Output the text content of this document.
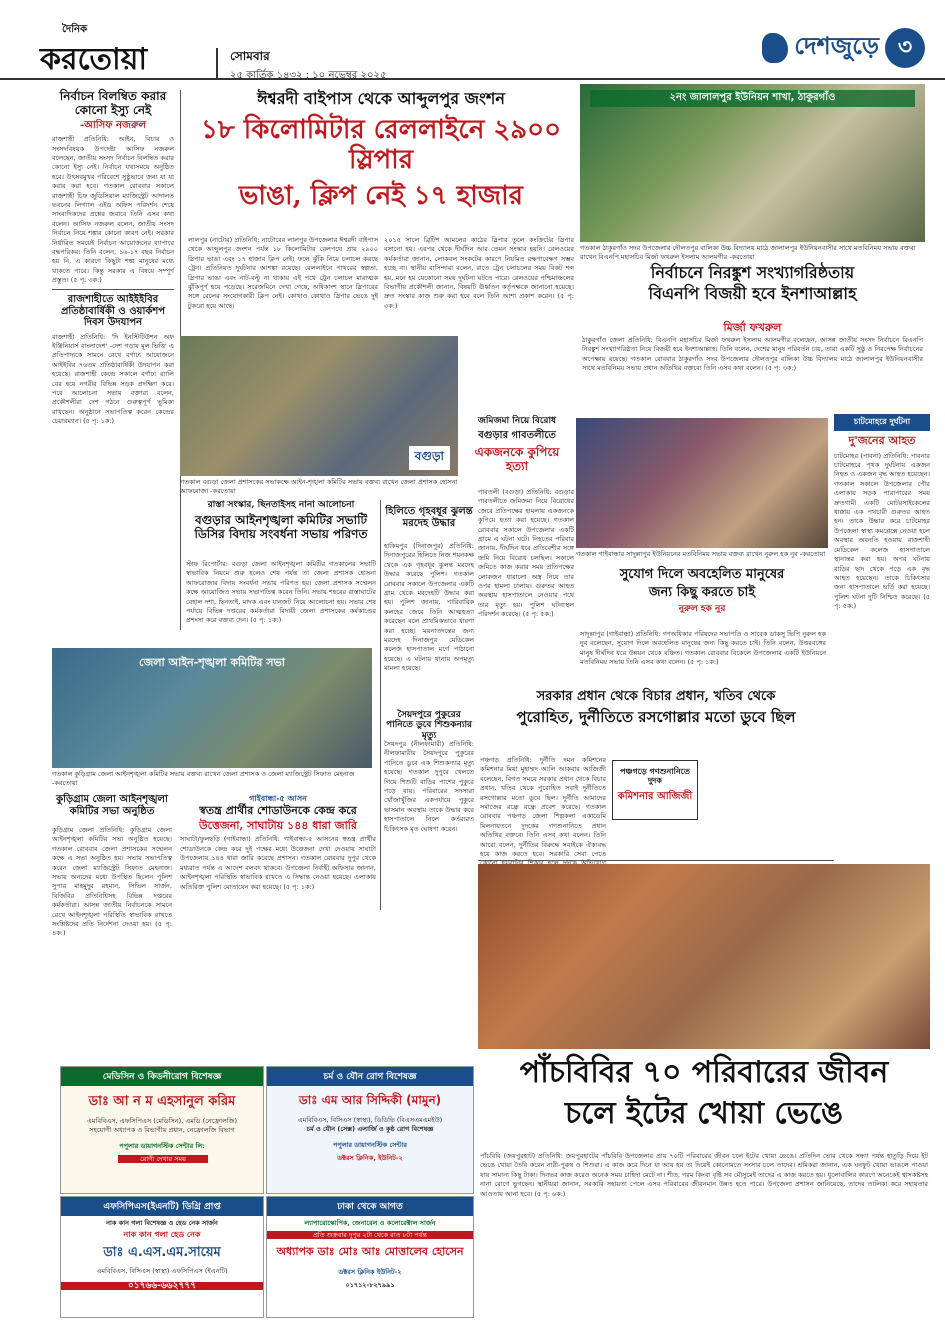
দৈনিক
করতোয়া	সোমবার
২৫ কার্তিক ১৪৩২ : ১০ নভেম্বর ২০২৫
দেশজুড়ে ৩
নির্বাচন বিলম্বিত করার কোনো ইস্যু নেই
-আসিফ নজরুল
রাজশাহী প্রতিনিধি: আইন, বিচার ও সংসদবিষয়ক উপদেষ্টা আসিফ নজরুল বলেছেন, জাতীয় সংসদ নির্বাচন বিলম্বিত করার কোনো ইস্যু নেই। নির্বাচন যথাসময়ে অনুষ্ঠিত হবে। উৎসবমুখর পরিবেশে সুষ্ঠুভাবে জন্য যা যা করার করা হবে। গতকাল রোববার সকালে রাজশাহী চিফ জুডিসিয়াল ম্যাজিস্ট্রেট আদালত ভবনের লিগ্যাল এইড অফিস পরিদর্শন শেষে সাংবাদিকদের প্রশ্নের জবাবে তিনি এসব কথা বলেন। আসিফ নজরুল বলেন, জাতীয় সংসদ নির্বাচন নিয়ে শঙ্কার কোনো কারণ নেই। সরকার নির্ধারিত সময়েই নির্বাচন আয়োজনের ব্যাপারে বদ্ধপরিকর। তিনি বলেন, ১৬-১৭ বছর নির্বাচন হয় নি, এ কারণে কিছুটা শঙ্কা মানুষের মধ্যে থাকতে পারে। কিন্তু সরকার এ বিষয়ে সম্পূর্ণ প্রস্তুত। (৫ পৃ: ৩ক:)
রাজশাহীতে আইইইবির প্রতিষ্ঠাবার্ষিকী ও ওয়ার্কশপ দিবস উদযাপন
রাজশাহী প্রতিনিধি: 'দি ইনস্টিটিউশন অফ ইঞ্জিনিয়ার্স বাংলাদেশ' -দেশ গড়ায় মূল ভিত্তি' এ প্রতিপাদ্যকে সামনে রেখে বর্ণাঢ্য আয়োজনে আইইবির ৭৬তম প্রতিষ্ঠাবার্ষিকী উদযাপন করা হয়েছে। রাজশাহী কেন্দ্রে সকালে বর্ণাঢ্য র‍্যালি বের হয়ে নগরীর বিভিন্ন সড়ক প্রদক্ষিণ করে। পরে আলোচনা সভায় বক্তারা বলেন, প্রকৌশলীরা দেশ গঠনে গুরুত্বপূর্ণ ভূমিকা রাখছেন। অনুষ্ঠানে সভাপতিত্ব করেন কেন্দ্রের চেয়ারম্যান। (৫ পৃ: ১ক:)
ঈশ্বরদী বাইপাস থেকে আব্দুলপুর জংশন
১৮ কিলোমিটার রেললাইনে ২৯০০ স্লিপার
ভাঙা, ক্লিপ নেই ১৭ হাজার
লালপুর (নাটোর) প্রতিনিধি: নাটোরের লালপুর উপজেলার ঈশ্বরদী বাইপাস থেকে আব্দুলপুর জংশন পর্যন্ত ১৮ কিলোমিটার রেলপথে প্রায় ২৯০০ স্লিপার ভাঙা এবং ১৭ হাজার ক্লিপ নেই। ফলে ঝুঁকি নিয়ে চলাচল করছে ট্রেন। প্রতিনিয়ত দুর্ঘটনার আশঙ্কা রয়েছে। রেললাইনে পাথরের স্বল্পতা, স্লিপার ভাঙা এবং নাট-বল্টু না থাকায় এই পথে ট্রেন চলাচল মারাত্মক ঝুঁকিপূর্ণ হয়ে পড়েছে। সরেজমিনে দেখা গেছে, অধিকাংশ স্থানে স্লিপারের সঙ্গে রেলের সংযোগকারী ক্লিপ নেই। কোথাও কোথাও স্লিপার ভেঙে দুই টুকরো হয়ে আছে।
২০১৫ সালে ব্রিটিশ আমলের কাঠের স্লিপার তুলে কংক্রিটের স্লিপার বসানো হয়। এরপর থেকে দীর্ঘদিন আর তেমন সংস্কার হয়নি। রেলওয়ের কর্মকর্তারা জানান, লোকবল সংকটের কারণে নিয়মিত রক্ষণাবেক্ষণ সম্ভব হচ্ছে না। স্থানীয় বাসিন্দারা বলেন, রাতে ট্রেন চলাচলের সময় বিকট শব্দ হয়, মনে হয় যেকোনো সময় দুর্ঘটনা ঘটতে পারে। রেলওয়ের পশ্চিমাঞ্চলের বিভাগীয় প্রকৌশলী জানান, বিষয়টি ঊর্ধ্বতন কর্তৃপক্ষকে জানানো হয়েছে। দ্রুত সংস্কার কাজ শুরু করা হবে বলে তিনি আশা প্রকাশ করেন। (৫ পৃ: ৩ক:)
বগুড়া
গতকাল বগুড়া জেলা প্রশাসকের সভাকক্ষে আইন-শৃঙ্খলা কমিটির সভায় বক্তব্য রাখেন জেলা প্রশাসক হোসনা আফরোজা -করতোয়া
রাস্তা সংস্কার, ছিনতাইসহ নানা আলোচনা
বগুড়ার আইনশৃঙ্খলা কমিটির সভাটি ডিসির বিদায় সংবর্ধনা সভায় পরিণত
স্টাফ রিপোর্টার: বগুড়া জেলা আইনশৃঙ্খলা কমিটির গতকালের সভাটি স্বাভাবিক নিয়মে শুরু হলেও শেষ পর্যন্ত তা জেলা প্রশাসক হোসনা আফরোজার বিদায় সংবর্ধনা সভায় পরিণত হয়। জেলা প্রশাসক সম্মেলন কক্ষে আয়োজিত সভায় সভাপতিত্ব করেন তিনি। সভায় শহরের রাস্তাঘাটের বেহাল দশা, ছিনতাই, মাদক এবং যানজট নিয়ে আলোচনা হয়। সভার শেষ পর্যায়ে বিভিন্ন দপ্তরের কর্মকর্তারা বিদায়ী জেলা প্রশাসকের কর্মকাণ্ডের প্রশংসা করে বক্তব্য দেন। (৫ পৃ: ১ক:)
হিলিতে গৃহবধূর ঝুলন্ত মরদেহ উদ্ধার
হাকিমপুর (দিনাজপুর) প্রতিনিধি: দিনাজপুরের হিলিতে নিজ শয়নকক্ষ থেকে এক গৃহবধূর ঝুলন্ত মরদেহ উদ্ধার করেছে পুলিশ। গতকাল রোববার সকালে উপজেলার একটি গ্রাম থেকে মরদেহটি উদ্ধার করা হয়। পুলিশ জানায়, পারিবারিক কলহের জেরে তিনি আত্মহত্যা করেছেন বলে প্রাথমিকভাবে ধারণা করা হচ্ছে। ময়নাতদন্তের জন্য মরদেহ দিনাজপুর মেডিকেল কলেজ হাসপাতাল মর্গে পাঠানো হয়েছে। এ ঘটনায় থানায় অপমৃত্যু মামলা হয়েছে।
সৈয়দপুরে পুকুরের পানিতে ডুবে শিশুকন্যার মৃত্যু
সৈয়দপুর (নীলফামারী) প্রতিনিধি: নীলফামারীর সৈয়দপুরে পুকুরের পানিতে ডুবে এক শিশুকন্যার মৃত্যু হয়েছে। গতকাল দুপুরে খেলতে গিয়ে শিশুটি বাড়ির পাশের পুকুরে পড়ে যায়। পরিবারের সদস্যরা খোঁজাখুঁজির একপর্যায়ে পুকুরে ভাসমান অবস্থায় তাকে উদ্ধার করে হাসপাতালে নিলে কর্তব্যরত চিকিৎসক মৃত ঘোষণা করেন।
জেলা আইন-শৃঙ্খলা কমিটির সভা
গতকাল কুড়িগ্রাম জেলা আইনশৃঙ্খলা কমিটির সভায় বক্তব্য রাখেন জেলা প্রশাসক ও জেলা ম্যাজিস্ট্রেট সিফাত মেহনাজ -করতোয়া
কুড়িগ্রাম জেলা আইনশৃঙ্খলা কমিটির সভা অনুষ্ঠিত
কুড়িগ্রাম জেলা প্রতিনিধি: কুড়িগ্রাম জেলা আইনশৃঙ্খলা কমিটির সভা অনুষ্ঠিত হয়েছে। গতকাল রোববার জেলা প্রশাসকের সম্মেলন কক্ষে এ সভা অনুষ্ঠিত হয়। সভায় সভাপতিত্ব করেন জেলা ম্যাজিস্ট্রেট সিফাত মেহনাজ। সভায় অন্যদের মধ্যে উপস্থিত ছিলেন পুলিশ সুপার মাহমুদুর রহমান, সিভিল সার্জন, বিজিবির প্রতিনিধিসহ বিভিন্ন দপ্তরের কর্মকর্তারা। আসন্ন জাতীয় নির্বাচনকে সামনে রেখে আইনশৃঙ্খলা পরিস্থিতি স্বাভাবিক রাখতে সংশ্লিষ্টদের প্রতি নির্দেশনা দেওয়া হয়। (৫ পৃ: ৪ক:)
গাইবান্ধা-৫ আসন
স্বতন্ত্র প্রার্থীর শোডাউনকে কেন্দ্র করে
উত্তেজনা, সাঘাটায় ১৪৪ ধারা জারি
সাঘাটা/ফুলছড়ি (গাইবান্ধা) প্রতিনিধি: গাইবান্ধা-৫ আসনের স্বতন্ত্র প্রার্থীর শোডাউনকে কেন্দ্র করে দুই পক্ষের মধ্যে উত্তেজনা দেখা দেওয়ায় সাঘাটা উপজেলায় ১৪৪ ধারা জারি করেছে প্রশাসন। গতকাল রোববার দুপুর থেকে মধ্যরাত পর্যন্ত এ আদেশ বলবৎ থাকবে। উপজেলা নির্বাহী অফিসার জানান, আইনশৃঙ্খলা পরিস্থিতি স্বাভাবিক রাখতে এ সিদ্ধান্ত নেওয়া হয়েছে। এলাকায় অতিরিক্ত পুলিশ মোতায়েন করা হয়েছে। (৫ পৃ: ১ক:)
২নং জালালপুর ইউনিয়ন শাখা, ঠাকুরগাঁও
গতকাল ঠাকুরগাঁও সদর উপজেলার দৌলতপুর বালিকা উচ্চ বিদ্যালয় মাঠে জালালপুর ইউনিয়নবাসীর সাথে মতবিনিময় সভায় বক্তব্য রাখেন বিএনপি মহাসচিব মির্জা ফখরুল ইসলাম আলমগীর -করতোয়া
নির্বাচনে নিরঙ্কুশ সংখ্যাগরিষ্ঠতায়
বিএনপি বিজয়ী হবে ইনশাআল্লাহ
মির্জা ফখরুল
ঠাকুরগাঁও জেলা প্রতিনিধি: বিএনপি মহাসচিব মির্জা ফখরুল ইসলাম আলমগীর বলেছেন, আসন্ন জাতীয় সংসদ নির্বাচনে বিএনপি নিরঙ্কুশ সংখ্যাগরিষ্ঠতা নিয়ে বিজয়ী হবে ইনশাআল্লাহ। তিনি বলেন, দেশের মানুষ পরিবর্তন চায়, তারা একটি সুষ্ঠু ও নিরপেক্ষ নির্বাচনের অপেক্ষায় রয়েছে। গতকাল রোববার ঠাকুরগাঁও সদর উপজেলার দৌলতপুর বালিকা উচ্চ বিদ্যালয় মাঠে জালালপুর ইউনিয়নবাসীর সাথে মতবিনিময় সভায় প্রধান অতিথির বক্তব্যে তিনি এসব কথা বলেন। (৫ পৃ: ৩ক:)
জমিজমা নিয়ে বিরোধ
বগুড়ার গাবতলীতে
একজনকে কুপিয়ে হত্যা
গাবতলী (বগুড়া) প্রতিনিধি: বগুড়ার গাবতলীতে জমিজমা নিয়ে বিরোধের জেরে প্রতিপক্ষের হামলায় একজনকে কুপিয়ে হত্যা করা হয়েছে। গতকাল রোববার সকালে উপজেলার একটি গ্রামে এ ঘটনা ঘটে। নিহতের পরিবার জানায়, দীর্ঘদিন ধরে প্রতিবেশীর সঙ্গে জমি নিয়ে বিরোধ চলছিল। সকালে জমিতে কাজ করার সময় প্রতিপক্ষের লোকজন ধারালো অস্ত্র নিয়ে তার ওপর হামলা চালায়। গুরুতর আহত অবস্থায় হাসপাতালে নেওয়ার পথে তার মৃত্যু হয়। পুলিশ ঘটনাস্থল পরিদর্শন করেছে। (৫ পৃ: ৫ক:)
গতকাল গাইবান্ধার সাদুল্লাপুর ইউনিয়নের মতবিনিময় সভায় বক্তব্য রাখেন নুরুল হক নুর -করতোয়া
সুযোগ দিলে অবহেলিত মানুষের
জন্য কিছু করতে চাই
নুরুল হক নুর
সাদুল্লাপুর (গাইবান্ধা) প্রতিনিধি: গণঅধিকার পরিষদের সভাপতি ও সাবেক ডাকসু ভিপি নুরুল হক নুর বলেছেন, সুযোগ দিলে অবহেলিত মানুষের জন্য কিছু করতে চাই। তিনি বলেন, উত্তরবঙ্গের মানুষ দীর্ঘদিন ধরে উন্নয়ন থেকে বঞ্চিত। গতকাল রোববার বিকেলে উপজেলার একটি ইউনিয়নে মতবিনিময় সভায় তিনি এসব কথা বলেন। (৫ পৃ: ১ক:)
চাটমোহরে দুর্ঘটনা
দু'জনের আহত
চাটমোহর (পাবনা) প্রতিনিধি: পাবনার চাটমোহরে পৃথক দুর্ঘটনায় একজন নিহত ও একজন বৃদ্ধ আহত হয়েছেন। গতকাল সকালে উপজেলার পৌর এলাকায় সড়ক পারাপারের সময় দ্রুতগামী একটি মোটরসাইকেলের ধাক্কায় এক পথচারী গুরুতর আহত হন। তাকে উদ্ধার করে চাটমোহর উপজেলা স্বাস্থ্য কমপ্লেক্সে নেওয়া হলে অবস্থার অবনতি হওয়ায় রাজশাহী মেডিকেল কলেজ হাসপাতালে স্থানান্তর করা হয়। অপর ঘটনায় বাড়ির ছাদ থেকে পড়ে এক বৃদ্ধ আহত হয়েছেন। তাকে চিকিৎসার জন্য হাসপাতালে ভর্তি করা হয়েছে। পুলিশ ঘটনা দুটি নিশ্চিত করেছে। (৫ পৃ: ৫ক:)
সরকার প্রধান থেকে বিচার প্রধান, খতিব থেকে
পুরোহিত, দুর্নীতিতে রসগোল্লার মতো ডুবে ছিল
পঞ্চগড় প্রতিনিধি: দুর্নীতি দমন কমিশনের কমিশনার মিয়া মুহাম্মদ আলি আকবার আজিজী বলেছেন, বিগত সময়ে সরকার প্রধান থেকে বিচার প্রধান, খতিব থেকে পুরোহিত সবাই দুর্নীতিতে রসগোল্লার মতো ডুবে ছিল। দুর্নীতি আমাদের সমাজের রন্ধ্রে রন্ধ্রে প্রবেশ করেছে। গতকাল রোববার পঞ্চগড় জেলা শিল্পকলা একাডেমি মিলনায়তনে দুদকের গণশুনানিতে প্রধান অতিথির বক্তব্যে তিনি এসব কথা বলেন। তিনি আরো বলেন, দুর্নীতির বিরুদ্ধে সবাইকে ঐক্যবদ্ধ হয়ে কাজ করতে হবে। সরকারি সেবা পেতে
পঞ্চগড়ে গণশুনানিতে দুদক
কমিশনার আজিজী
পাঁচবিবির ৭০ পরিবারের জীবন
চলে ইটের খোয়া ভেঙে
পাঁচবিবি (জয়পুরহাট) প্রতিনিধি: জয়পুরহাটের পাঁচবিবি উপজেলার প্রায় ৭০টি পরিবারের জীবন চলে ইটের খোয়া ভেঙে। প্রতিদিন ভোর থেকে সন্ধ্যা পর্যন্ত হাতুড়ি দিয়ে ইট ভেঙে খোয়া তৈরি করেন নারী-পুরুষ ও শিশুরা। এ কাজ করে দিনে যা আয় হয় তা দিয়েই কোনোমতে সংসার চলে তাদের। শ্রমিকরা জানান, এক ঘনফুট খোয়া ভাঙলে পাওয়া যায় সামান্য কিছু টাকা। দিনভর কাজ করেও অনেক সময় চাহিদা মেটে না। শীত, গরম কিংবা বৃষ্টি সব মৌসুমেই তাদের এ কাজ করতে হয়। ধুলোবালির কারণে অনেকেই শ্বাসকষ্টসহ নানা রোগে ভুগছেন। স্থানীয়রা জানান, সরকারি সহায়তা পেলে এসব পরিবারের জীবনমান উন্নত হতে পারে। উপজেলা প্রশাসন জানিয়েছে, তাদের তালিকা করে সহায়তার আওতায় আনা হবে। (৫ পৃ: ৬ক:)
মেডিসিন ও কিডনীরোগ বিশেষজ্ঞ
ডাঃ আ ন ম এহসানুল করিম
এমবিবিএস, এফসিপিএস (মেডিসিন), এমডি (নেফ্রোলজি)
সহযোগী অধ্যাপক ও বিভাগীয় প্রধান, নেফ্রোলজি বিভাগ
পপুলার ডায়াগনস্টিক সেন্টার লি:
রোগী দেখার সময়
চর্ম ও যৌন রোগ বিশেষজ্ঞ
ডাঃ এম আর সিদ্দিকী (মামুন)
এমবিবিএস, বিসিএস (স্বাস্থ্য), ডিডিভি (বিএসএমএমইউ)
চর্ম ও যৌন (সেক্স) এলার্জি ও কুষ্ঠ রোগ বিশেষজ্ঞ
পপুলার ডায়াগনস্টিক সেন্টার
ডক্টরস ক্লিনিক, ইউনিট-২
এফসিপিএস(ইএনটি) ডিগ্রি প্রাপ্ত
নাক কান গলা বিশেষজ্ঞ ও হেড নেক সার্জন
নাক কান গলা হেড নেক
ডাঃ এ.এস.এম.সায়েম
এমবিবিএস, বিসিএস (স্বাস্থ্য) এফসিপিএস (ইএনটি)
০১৭৬৬-৬৬২৭৭৭
ঢাকা থেকে আগত
ল্যাপারোস্কোপিক, জেনারেল ও কলোরেক্টাল সার্জন
প্রতি শুক্রবার দুপুর ২টা থেকে রাত ৮টা পর্যন্ত
অধ্যাপক ডাঃ মোঃ আঃ মোত্তালেব হোসেন
ডক্টরস ক্লিনিক ইউনিট-২
০১৭১২-৮২৭৯৯১
